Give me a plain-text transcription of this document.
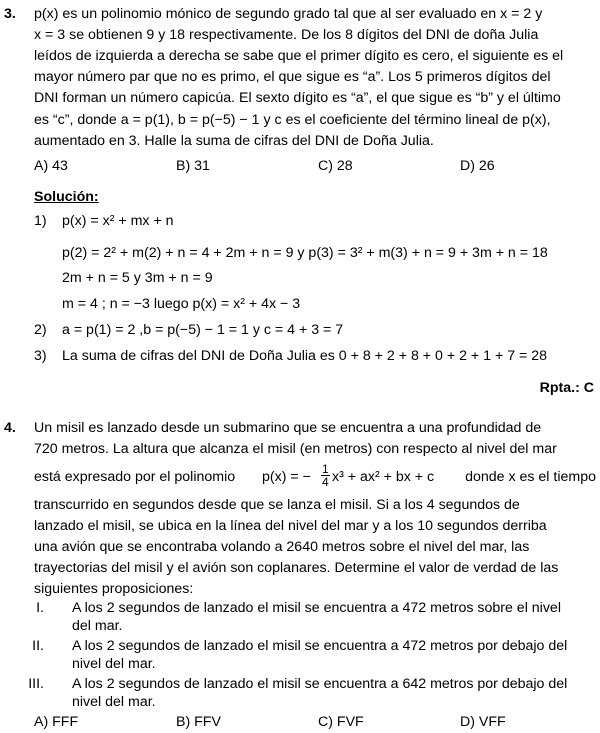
3. p(x) es un polinomio mónico de segundo grado tal que al ser evaluado en x = 2 y
x = 3 se obtienen 9 y 18 respectivamente. De los 8 dígitos del DNI de doña Julia
leídos de izquierda a derecha se sabe que el primer dígito es cero, el siguiente es el
mayor número par que no es primo, el que sigue es “a”. Los 5 primeros dígitos del
DNI forman un número capicúa. El sexto dígito es “a”, el que sigue es “b” y el último
es “c”, donde a = p(1), b = p(−5) − 1 y c es el coeficiente del término lineal de p(x),
aumentado en 3. Halle la suma de cifras del DNI de Doña Julia.
A) 43	B) 31	C) 28	D) 26
Solución:
1) p(x) = x² + mx + n
p(2) = 2² + m(2) + n = 4 + 2m + n = 9 y p(3) = 3² + m(3) + n = 9 + 3m + n = 18
2m + n = 5 y 3m + n = 9
m = 4 ; n = −3 luego p(x) = x² + 4x − 3
2) a = p(1) = 2 ,b = p(−5) − 1 = 1 y c = 4 + 3 = 7
3) La suma de cifras del DNI de Doña Julia es 0 + 8 + 2 + 8 + 0 + 2 + 1 + 7 = 28
Rpta.: C
4. Un misil es lanzado desde un submarino que se encuentra a una profundidad de
720 metros. La altura que alcanza el misil (en metros) con respecto al nivel del mar
está expresado por el polinomio p(x) = − $\frac{1}{4} x^3 + ax^2$ + bx + c donde x es el tiempo
transcurrido en segundos desde que se lanza el misil. Si a los 4 segundos de
lanzado el misil, se ubica en la línea del nivel del mar y a los 10 segundos derriba
una avión que se encontraba volando a 2640 metros sobre el nivel del mar, las
trayectorias del misil y el avión son coplanares. Determine el valor de verdad de las
siguientes proposiciones:
I. A los 2 segundos de lanzado el misil se encuentra a 472 metros sobre el nivel
del mar.
II. A los 2 segundos de lanzado el misil se encuentra a 472 metros por debajo del
nivel del mar.
III. A los 2 segundos de lanzado el misil se encuentra a 642 metros por debajo del
nivel del mar.
A) FFF	B) FFV	C) FVF	D) VFF
